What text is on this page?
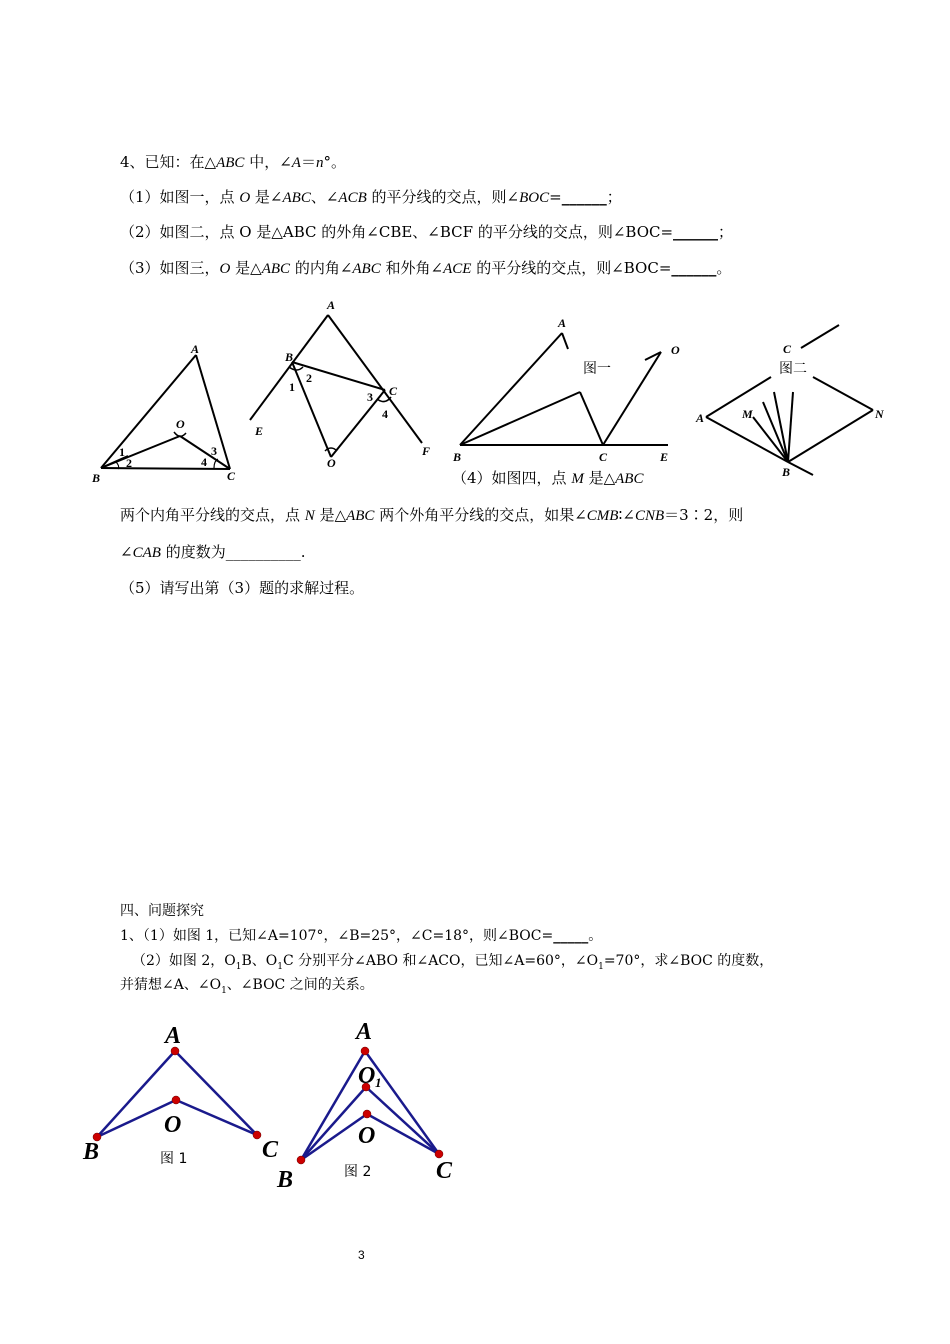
4、已知：在△ABC 中，∠A＝n°。
（1）如图一，点 O 是∠ABC、∠ACB 的平分线的交点，则∠BOC=______；
（2）如图二，点 O 是△ABC 的外角∠CBE、∠BCF 的平分线的交点，则∠BOC=______；
（3）如图三，O 是△ABC 的内角∠ABC 和外角∠ACE 的平分线的交点，则∠BOC=______。
A
B	C
O
1
2
3
4
A
B
C
O
E
F
1
2
3
4
A
B	C	E
O
图一
C
A	M	N
B
图二
（4）如图四，点 M 是△ABC
两个内角平分线的交点，点 N 是△ABC 两个外角平分线的交点，如果∠CMB∶∠CNB＝3∶2，则
∠CAB 的度数为__________.
（5）请写出第（3）题的求解过程。
四、问题探究
1、（1）如图 1，已知∠A=107°，∠B=25°，∠C=18°，则∠BOC=_____。
（2）如图 2，$O_1B$、$O_1C$ 分别平分∠ABO 和∠ACO，已知∠A=60°，$\angle O_1=70^\circ$，求∠BOC 的度数，
并猜想∠A、$\angle O_1$、∠BOC 之间的关系。
A
B	C
O
图 1
A
O 1
O
B	C
图 2
3
